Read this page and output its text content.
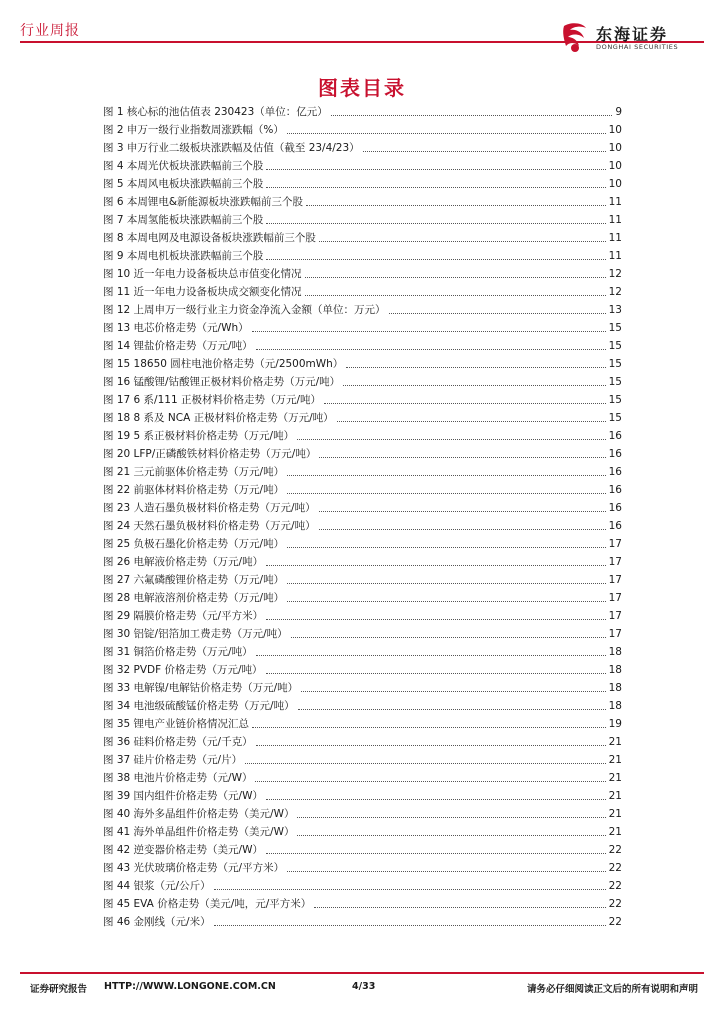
行业周报	东海证券
DONGHAI SECURITIES
图表目录
图 1 核心标的池估值表 230423（单位：亿元）	9
图 2 申万一级行业指数周涨跌幅（%）	10
图 3 申万行业二级板块涨跌幅及估值（截至 23/4/23）	10
图 4 本周光伏板块涨跌幅前三个股	10
图 5 本周风电板块涨跌幅前三个股	10
图 6 本周锂电&新能源板块涨跌幅前三个股	11
图 7 本周氢能板块涨跌幅前三个股	11
图 8 本周电网及电源设备板块涨跌幅前三个股	11
图 9 本周电机板块涨跌幅前三个股	11
图 10 近一年电力设备板块总市值变化情况	12
图 11 近一年电力设备板块成交额变化情况	12
图 12 上周申万一级行业主力资金净流入金额（单位：万元）	13
图 13 电芯价格走势（元/Wh）	15
图 14 锂盐价格走势（万元/吨）	15
图 15 18650 圆柱电池价格走势（元/2500mWh）	15
图 16 锰酸锂/钴酸锂正极材料价格走势（万元/吨）	15
图 17 6 系/111 正极材料价格走势（万元/吨）	15
图 18 8 系及 NCA 正极材料价格走势（万元/吨）	15
图 19 5 系正极材料价格走势（万元/吨）	16
图 20 LFP/正磷酸铁材料价格走势（万元/吨）	16
图 21 三元前驱体价格走势（万元/吨）	16
图 22 前驱体材料价格走势（万元/吨）	16
图 23 人造石墨负极材料价格走势（万元/吨）	16
图 24 天然石墨负极材料价格走势（万元/吨）	16
图 25 负极石墨化价格走势（万元/吨）	17
图 26 电解液价格走势（万元/吨）	17
图 27 六氟磷酸锂价格走势（万元/吨）	17
图 28 电解液溶剂价格走势（万元/吨）	17
图 29 隔膜价格走势（元/平方米）	17
图 30 铝锭/铝箔加工费走势（万元/吨）	17
图 31 铜箔价格走势（万元/吨）	18
图 32 PVDF 价格走势（万元/吨）	18
图 33 电解镍/电解钴价格走势（万元/吨）	18
图 34 电池级硫酸锰价格走势（万元/吨）	18
图 35 锂电产业链价格情况汇总	19
图 36 硅料价格走势（元/千克）	21
图 37 硅片价格走势（元/片）	21
图 38 电池片价格走势（元/W）	21
图 39 国内组件价格走势（元/W）	21
图 40 海外多晶组件价格走势（美元/W）	21
图 41 海外单晶组件价格走势（美元/W）	21
图 42 逆变器价格走势（美元/W）	22
图 43 光伏玻璃价格走势（元/平方米）	22
图 44 银浆（元/公斤）	22
图 45 EVA 价格走势（美元/吨，元/平方米）	22
图 46 金刚线（元/米）	22
证券研究报告 HTTP://WWW.LONGONE.COM.CN	4/33	请务必仔细阅读正文后的所有说明和声明
